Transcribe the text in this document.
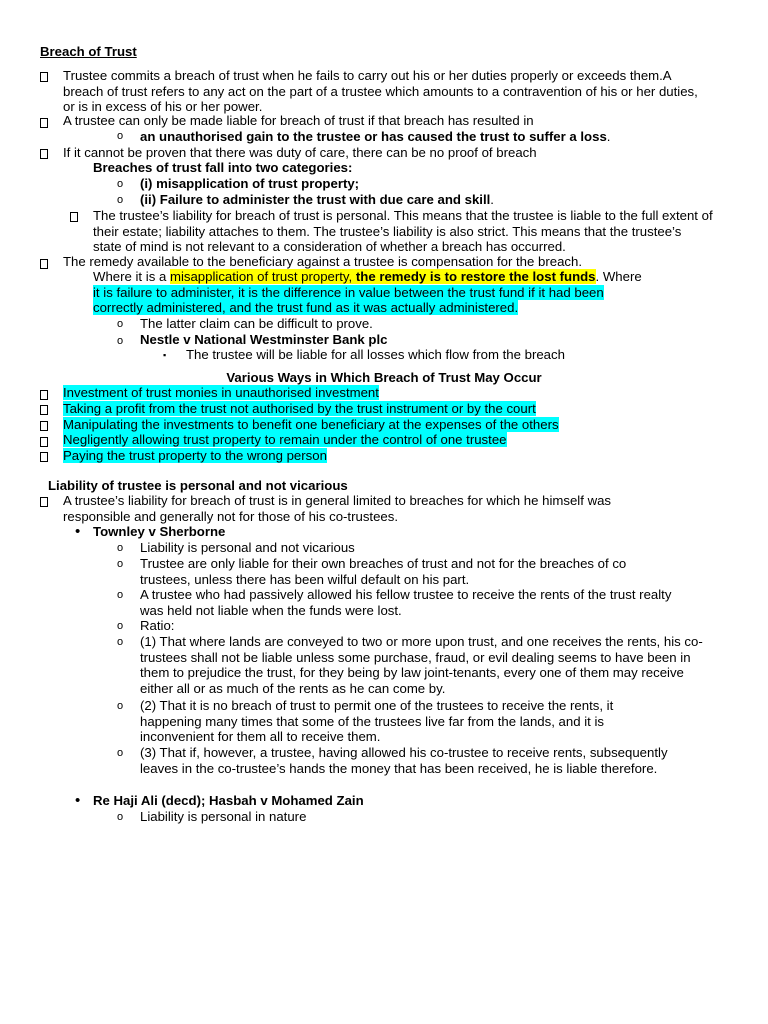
Breach of Trust
Trustee commits a breach of trust when he fails to carry out his or her duties properly or exceeds them.A breach of trust refers to any act on the part of a trustee which amounts to a contravention of his or her duties, or is in excess of his or her power.
A trustee can only be made liable for breach of trust if that breach has resulted in
o an unauthorised gain to the trustee or has caused the trust to suffer a loss.
If it cannot be proven that there was duty of care, there can be no proof of breach
Breaches of trust fall into two categories:
o (i) misapplication of trust property;
o (ii) Failure to administer the trust with due care and skill.
The trustee’s liability for breach of trust is personal. This means that the trustee is liable to the full extent of their estate; liability attaches to them. The trustee’s liability is also strict. This means that the trustee’s state of mind is not relevant to a consideration of whether a breach has occurred.
The remedy available to the beneficiary against a trustee is compensation for the breach.
Where it is a misapplication of trust property, the remedy is to restore the lost funds. Where
it is failure to administer, it is the difference in value between the trust fund if it had been
correctly administered, and the trust fund as it was actually administered.
o The latter claim can be difficult to prove.
o Nestle v National Westminster Bank plc
▪ The trustee will be liable for all losses which flow from the breach
Various Ways in Which Breach of Trust May Occur
Investment of trust monies in unauthorised investment
Taking a profit from the trust not authorised by the trust instrument or by the court
Manipulating the investments to benefit one beneficiary at the expenses of the others
Negligently allowing trust property to remain under the control of one trustee
Paying the trust property to the wrong person
Liability of trustee is personal and not vicarious
A trustee’s liability for breach of trust is in general limited to breaches for which he himself was responsible and generally not for those of his co-trustees.
• Townley v Sherborne
o Liability is personal and not vicarious
o Trustee are only liable for their own breaches of trust and not for the breaches of co trustees, unless there has been wilful default on his part.
o A trustee who had passively allowed his fellow trustee to receive the rents of the trust realty was held not liable when the funds were lost.
o Ratio:
o (1) That where lands are conveyed to two or more upon trust, and one receives the rents, his co-trustees shall not be liable unless some purchase, fraud, or evil dealing seems to have been in them to prejudice the trust, for they being by law joint-tenants, every one of them may receive either all or as much of the rents as he can come by.
o (2) That it is no breach of trust to permit one of the trustees to receive the rents, it happening many times that some of the trustees live far from the lands, and it is inconvenient for them all to receive them.
o (3) That if, however, a trustee, having allowed his co-trustee to receive rents, subsequently leaves in the co-trustee’s hands the money that has been received, he is liable therefore.
• Re Haji Ali (decd); Hasbah v Mohamed Zain
o Liability is personal in nature
